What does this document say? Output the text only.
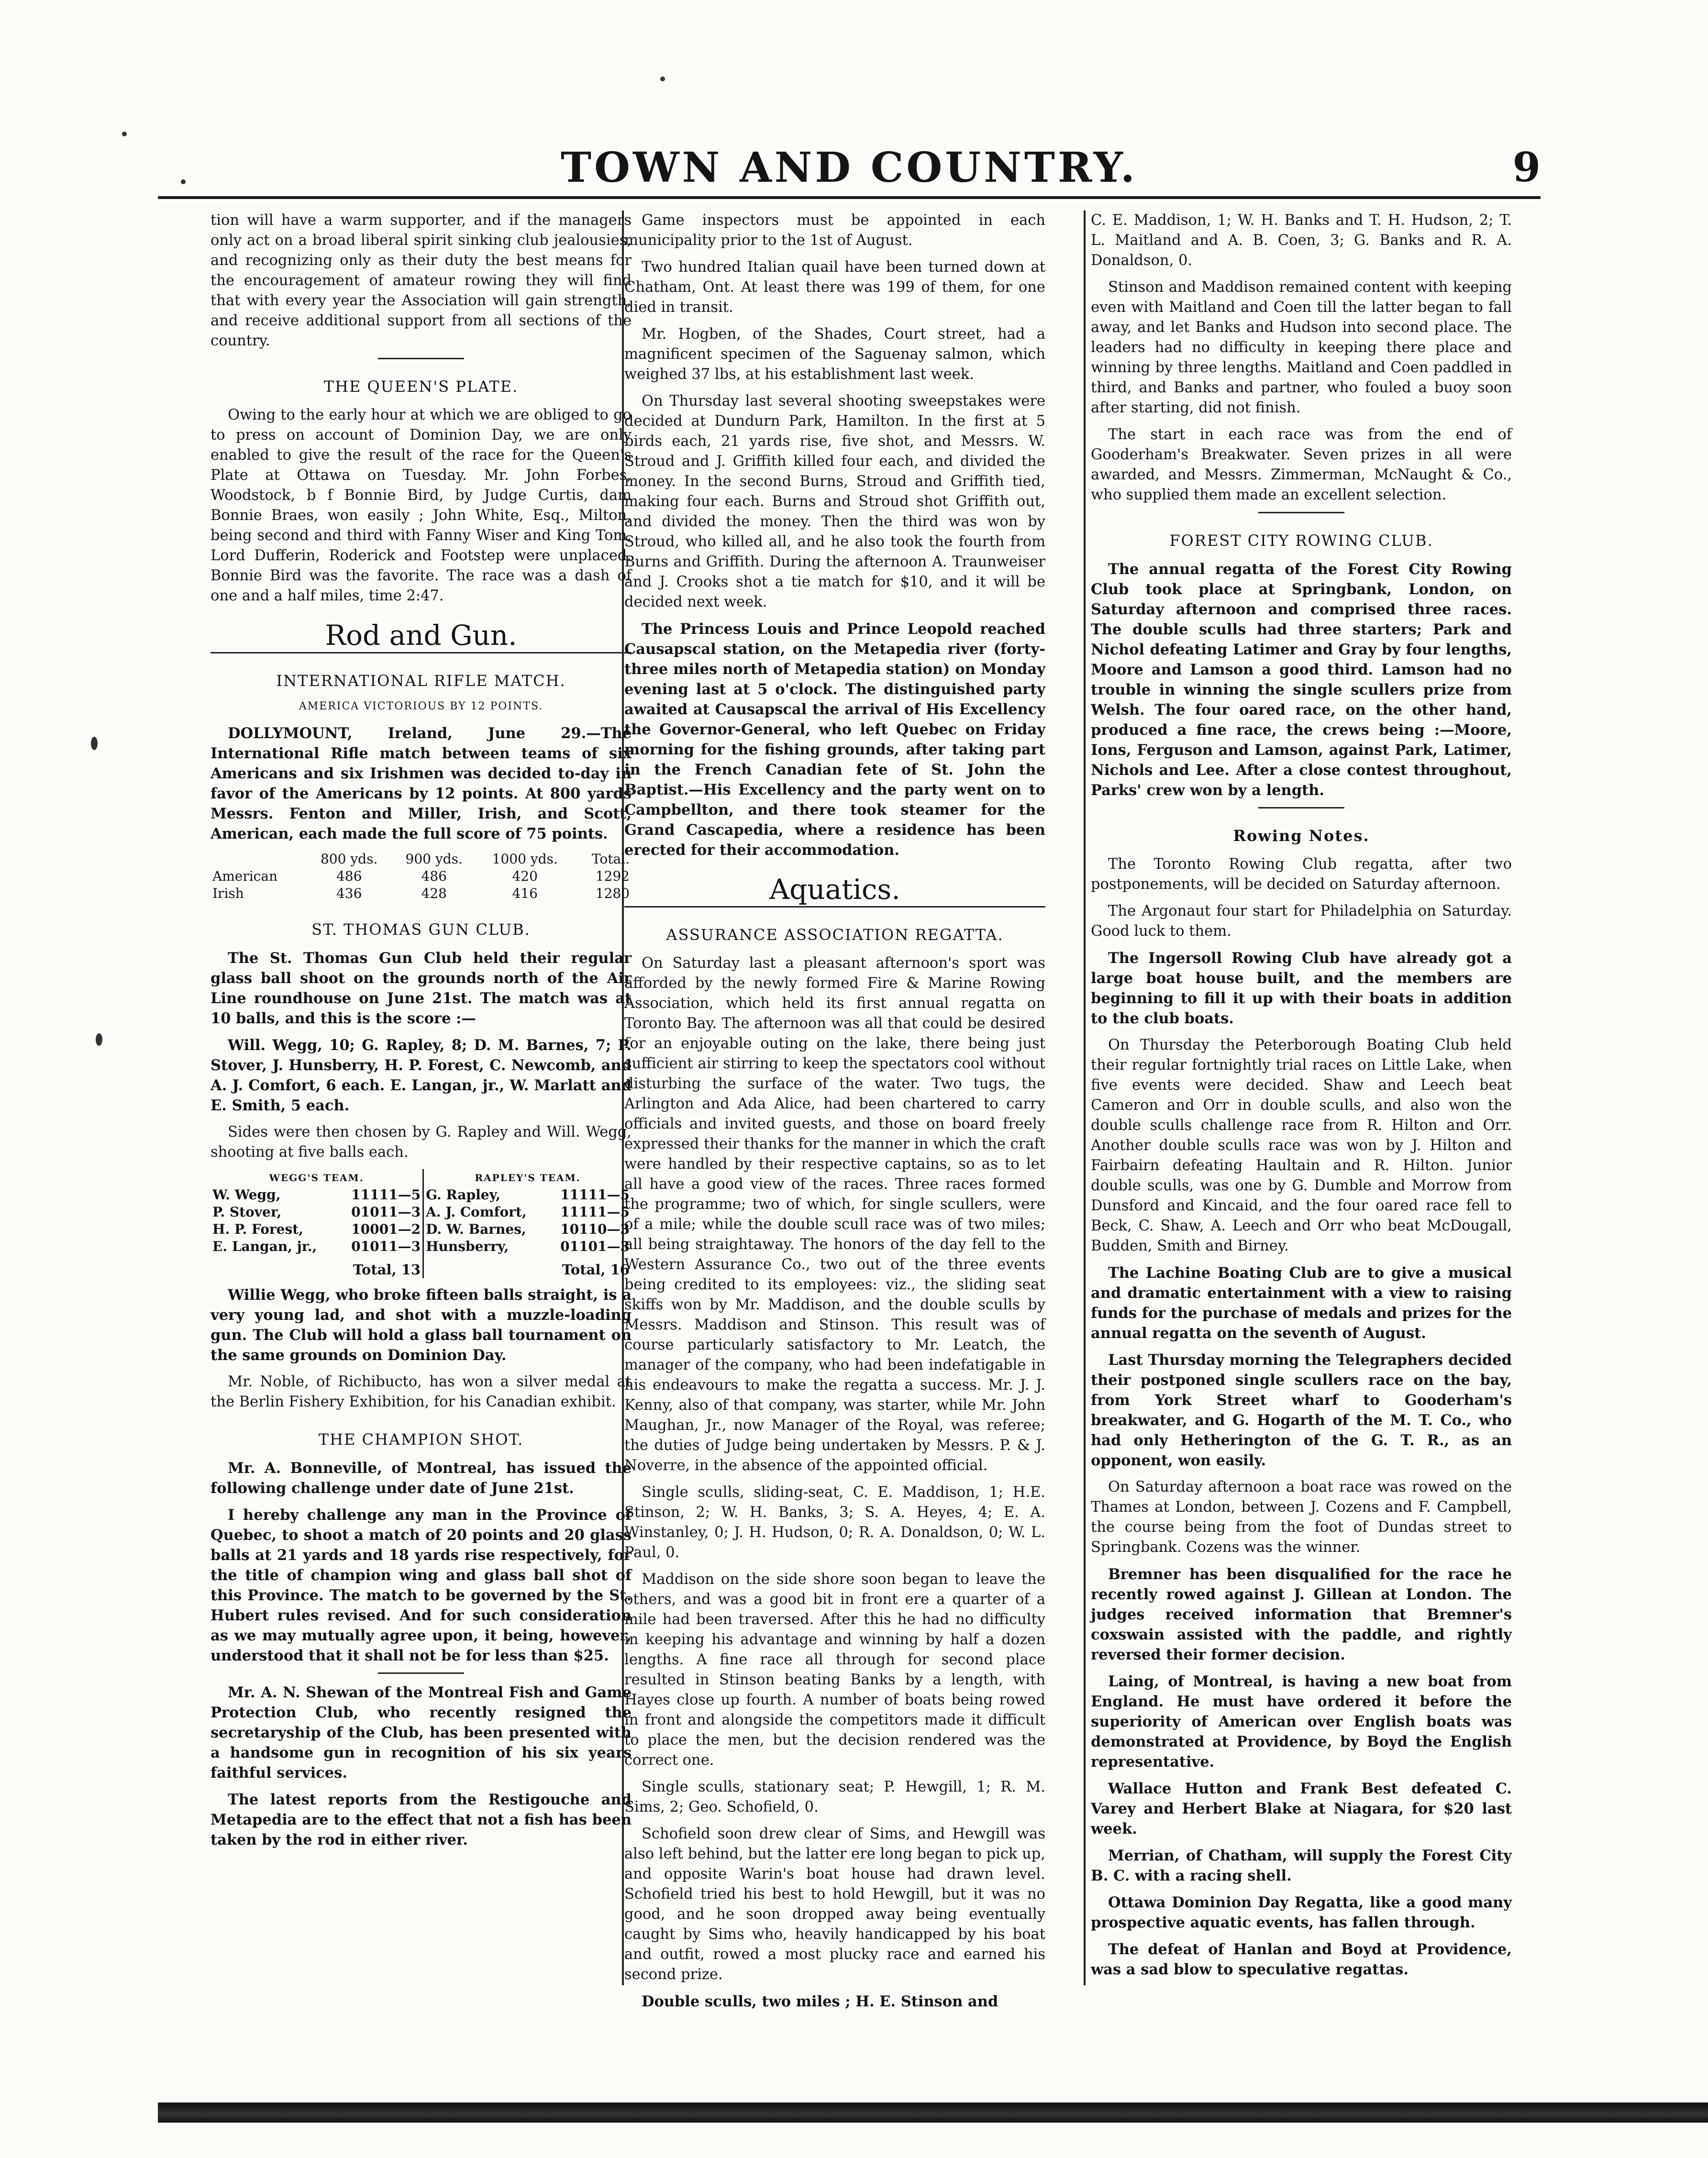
TOWN AND COUNTRY.	9

tion will have a warm supporter, and if the managers only act on a broad liberal spirit sinking club jealousies, and recognizing only as their duty the best means for the encouragement of amateur rowing they will find that with every year the Association will gain strength, and receive additional support from all sections of the country.

THE QUEEN'S PLATE.

Owing to the early hour at which we are obliged to go to press on account of Dominion Day, we are only enabled to give the result of the race for the Queen's Plate at Ottawa on Tuesday. Mr. John Forbes, Woodstock, b f Bonnie Bird, by Judge Curtis, dam Bonnie Braes, won easily ; John White, Esq., Milton, being second and third with Fanny Wiser and King Tom. Lord Dufferin, Roderick and Footstep were unplaced. Bonnie Bird was the favorite. The race was a dash of one and a half miles, time 2:47.

Rod and Gun.
INTERNATIONAL RIFLE MATCH.
AMERICA VICTORIOUS BY 12 POINTS.

DOLLYMOUNT, Ireland, June 29.—The International Rifle match between teams of six Americans and six Irishmen was decided to-day in favor of the Americans by 12 points. At 800 yards Messrs. Fenton and Miller, Irish, and Scott, American, each made the full score of 75 points.

	800 yds.	900 yds.	1000 yds.	Total.
American	486	486	420	1292
Irish	436	428	416	1280
ST. THOMAS GUN CLUB.

The St. Thomas Gun Club held their regular glass ball shoot on the grounds north of the Air Line roundhouse on June 21st. The match was at 10 balls, and this is the score :—

Will. Wegg, 10; G. Rapley, 8; D. M. Barnes, 7; P. Stover, J. Hunsberry, H. P. Forest, C. Newcomb, and A. J. Comfort, 6 each. E. Langan, jr., W. Marlatt and E. Smith, 5 each.

Sides were then chosen by G. Rapley and Will. Wegg, shooting at five balls each.

WEGG'S TEAM.		RAPLEY'S TEAM.	
W. Wegg,	11111—5	G. Rapley,	11111—5
P. Stover,	01011—3	A. J. Comfort,	11111—5
H. P. Forest,	10001—2	D. W. Barnes,	10110—3
E. Langan, jr.,	01011—3	Hunsberry,	01101—3
Total, 13		Total, 16	

Willie Wegg, who broke fifteen balls straight, is a very young lad, and shot with a muzzle-loading gun. The Club will hold a glass ball tournament on the same grounds on Dominion Day.

Mr. Noble, of Richibucto, has won a silver medal at the Berlin Fishery Exhibition, for his Canadian exhibit.

THE CHAMPION SHOT.

Mr. A. Bonneville, of Montreal, has issued the following challenge under date of June 21st.

I hereby challenge any man in the Province of Quebec, to shoot a match of 20 points and 20 glass balls at 21 yards and 18 yards rise respectively, for the title of champion wing and glass ball shot of this Province. The match to be governed by the St. Hubert rules revised. And for such consideration as we may mutually agree upon, it being, however, understood that it shall not be for less than $25.

Mr. A. N. Shewan of the Montreal Fish and Game Protection Club, who recently resigned the secretaryship of the Club, has been presented with a handsome gun in recognition of his six years faithful services.

The latest reports from the Restigouche and Metapedia are to the effect that not a fish has been taken by the rod in either river.

Game inspectors must be appointed in each municipality prior to the 1st of August.

Two hundred Italian quail have been turned down at Chatham, Ont. At least there was 199 of them, for one died in transit.

Mr. Hogben, of the Shades, Court street, had a magnificent specimen of the Saguenay salmon, which weighed 37 lbs, at his establishment last week.

On Thursday last several shooting sweepstakes were decided at Dundurn Park, Hamilton. In the first at 5 birds each, 21 yards rise, five shot, and Messrs. W. Stroud and J. Griffith killed four each, and divided the money. In the second Burns, Stroud and Griffith tied, making four each. Burns and Stroud shot Griffith out, and divided the money. Then the third was won by Stroud, who killed all, and he also took the fourth from Burns and Griffith. During the afternoon A. Traunweiser and J. Crooks shot a tie match for $10, and it will be decided next week.

The Princess Louis and Prince Leopold reached Causapscal station, on the Metapedia river (forty-three miles north of Metapedia station) on Monday evening last at 5 o'clock. The distinguished party awaited at Causapscal the arrival of His Excellency the Governor-General, who left Quebec on Friday morning for the fishing grounds, after taking part in the French Canadian fete of St. John the Baptist.—His Excellency and the party went on to Campbellton, and there took steamer for the Grand Cascapedia, where a residence has been erected for their accommodation.

Aquatics.
ASSURANCE ASSOCIATION REGATTA.

On Saturday last a pleasant afternoon's sport was afforded by the newly formed Fire & Marine Rowing Association, which held its first annual regatta on Toronto Bay. The afternoon was all that could be desired for an enjoyable outing on the lake, there being just sufficient air stirring to keep the spectators cool without disturbing the surface of the water. Two tugs, the Arlington and Ada Alice, had been chartered to carry officials and invited guests, and those on board freely expressed their thanks for the manner in which the craft were handled by their respective captains, so as to let all have a good view of the races. Three races formed the programme; two of which, for single scullers, were of a mile; while the double scull race was of two miles; all being straightaway. The honors of the day fell to the Western Assurance Co., two out of the three events being credited to its employees: viz., the sliding seat skiffs won by Mr. Maddison, and the double sculls by Messrs. Maddison and Stinson. This result was of course particularly satisfactory to Mr. Leatch, the manager of the company, who had been indefatigable in his endeavours to make the regatta a success. Mr. J. J. Kenny, also of that company, was starter, while Mr. John Maughan, Jr., now Manager of the Royal, was referee; the duties of Judge being undertaken by Messrs. P. & J. Noverre, in the absence of the appointed official.

Single sculls, sliding-seat, C. E. Maddison, 1; H.E. Stinson, 2; W. H. Banks, 3; S. A. Heyes, 4; E. A. Winstanley, 0; J. H. Hudson, 0; R. A. Donaldson, 0; W. L. Paul, 0.

Maddison on the side shore soon began to leave the others, and was a good bit in front ere a quarter of a mile had been traversed. After this he had no difficulty in keeping his advantage and winning by half a dozen lengths. A fine race all through for second place resulted in Stinson beating Banks by a length, with Hayes close up fourth. A number of boats being rowed in front and alongside the competitors made it difficult to place the men, but the decision rendered was the correct one.

Single sculls, stationary seat; P. Hewgill, 1; R. M. Sims, 2; Geo. Schofield, 0.

Schofield soon drew clear of Sims, and Hewgill was also left behind, but the latter ere long began to pick up, and opposite Warin's boat house had drawn level. Schofield tried his best to hold Hewgill, but it was no good, and he soon dropped away being eventually caught by Sims who, heavily handicapped by his boat and outfit, rowed a most plucky race and earned his second prize.

Double sculls, two miles ; H. E. Stinson and

C. E. Maddison, 1; W. H. Banks and T. H. Hudson, 2; T. L. Maitland and A. B. Coen, 3; G. Banks and R. A. Donaldson, 0.

Stinson and Maddison remained content with keeping even with Maitland and Coen till the latter began to fall away, and let Banks and Hudson into second place. The leaders had no difficulty in keeping there place and winning by three lengths. Maitland and Coen paddled in third, and Banks and partner, who fouled a buoy soon after starting, did not finish.

The start in each race was from the end of Gooderham's Breakwater. Seven prizes in all were awarded, and Messrs. Zimmerman, McNaught & Co., who supplied them made an excellent selection.

FOREST CITY ROWING CLUB.

The annual regatta of the Forest City Rowing Club took place at Springbank, London, on Saturday afternoon and comprised three races. The double sculls had three starters; Park and Nichol defeating Latimer and Gray by four lengths, Moore and Lamson a good third. Lamson had no trouble in winning the single scullers prize from Welsh. The four oared race, on the other hand, produced a fine race, the crews being :—Moore, Ions, Ferguson and Lamson, against Park, Latimer, Nichols and Lee. After a close contest throughout, Parks' crew won by a length.

Rowing Notes.

The Toronto Rowing Club regatta, after two postponements, will be decided on Saturday afternoon.

The Argonaut four start for Philadelphia on Saturday. Good luck to them.

The Ingersoll Rowing Club have already got a large boat house built, and the members are beginning to fill it up with their boats in addition to the club boats.

On Thursday the Peterborough Boating Club held their regular fortnightly trial races on Little Lake, when five events were decided. Shaw and Leech beat Cameron and Orr in double sculls, and also won the double sculls challenge race from R. Hilton and Orr. Another double sculls race was won by J. Hilton and Fairbairn defeating Haultain and R. Hilton. Junior double sculls, was one by G. Dumble and Morrow from Dunsford and Kincaid, and the four oared race fell to Beck, C. Shaw, A. Leech and Orr who beat McDougall, Budden, Smith and Birney.

The Lachine Boating Club are to give a musical and dramatic entertainment with a view to raising funds for the purchase of medals and prizes for the annual regatta on the seventh of August.

Last Thursday morning the Telegraphers decided their postponed single scullers race on the bay, from York Street wharf to Gooderham's breakwater, and G. Hogarth of the M. T. Co., who had only Hetherington of the G. T. R., as an opponent, won easily.

On Saturday afternoon a boat race was rowed on the Thames at London, between J. Cozens and F. Campbell, the course being from the foot of Dundas street to Springbank. Cozens was the winner.

Bremner has been disqualified for the race he recently rowed against J. Gillean at London. The judges received information that Bremner's coxswain assisted with the paddle, and rightly reversed their former decision.

Laing, of Montreal, is having a new boat from England. He must have ordered it before the superiority of American over English boats was demonstrated at Providence, by Boyd the English representative.

Wallace Hutton and Frank Best defeated C. Varey and Herbert Blake at Niagara, for $20 last week.

Merrian, of Chatham, will supply the Forest City B. C. with a racing shell.

Ottawa Dominion Day Regatta, like a good many prospective aquatic events, has fallen through.

The defeat of Hanlan and Boyd at Providence, was a sad blow to speculative regattas.
